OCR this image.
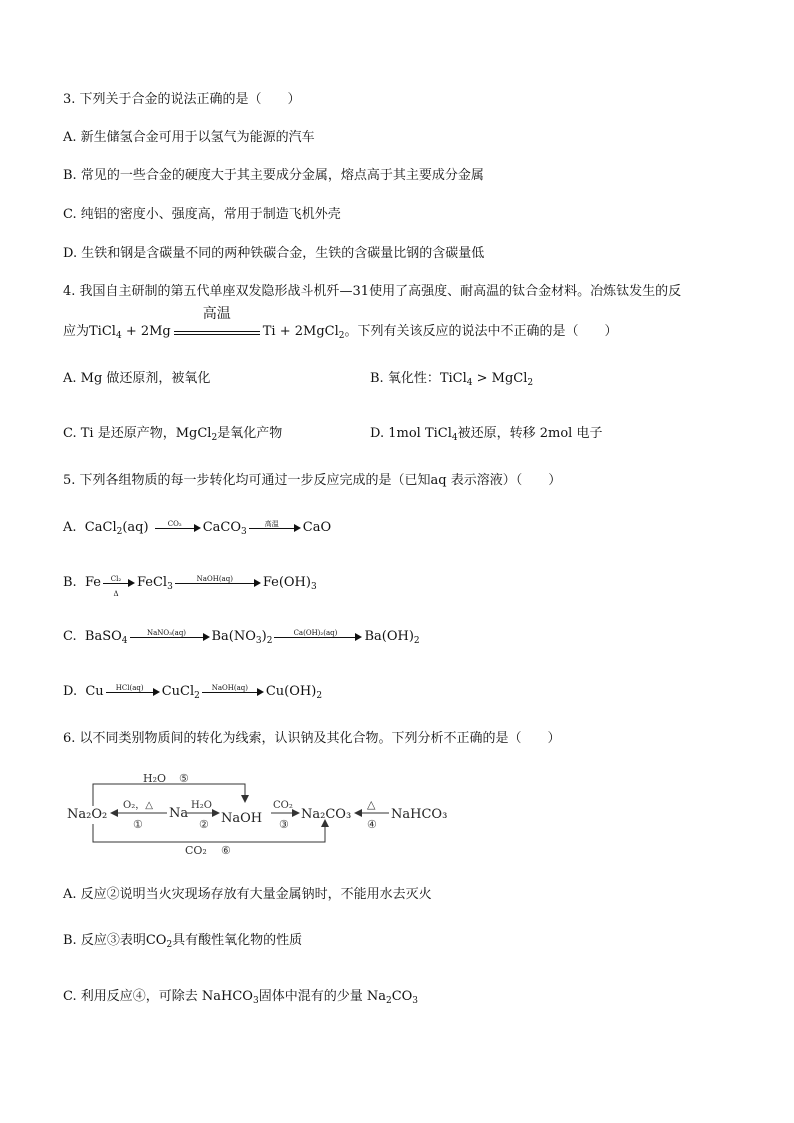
3. 下列关于合金的说法正确的是（　　）
A. 新生储氢合金可用于以氢气为能源的汽车
B. 常见的一些合金的硬度大于其主要成分金属，熔点高于其主要成分金属
C. 纯铝的密度小、强度高，常用于制造飞机外壳
D. 生铁和钢是含碳量不同的两种铁碳合金，生铁的含碳量比钢的含碳量低
4. 我国自主研制的第五代单座双发隐形战斗机歼—31使用了高强度、耐高温的钛合金材料。冶炼钛发生的反
应为TiCl$_4$ + 2Mg
高温
Ti + 2MgCl$_2$。下列有关该反应的说法中不正确的是（　　）
A. Mg 做还原剂，被氧化	B. 氧化性：TiCl$_4$ > MgCl$_2$
C. Ti 是还原产物，MgCl$_2$是氧化产物	D. 1mol TiCl$_4$被还原，转移 2mol 电子
5. 下列各组物质的每一步转化均可通过一步反应完成的是（已知aq 表示溶液）（　　）
A. CaCl$_2$(aq)	CO₂	CaCO$_3$
高温	CaO
B. Fe	Cl₂
Δ
FeCl$_3$
NaOH(aq)	$Fe(OH)_3$
C. BaSO$_4$
NaNO₃(aq)	$Ba(NO_3)_2$
Ca(OH)₂(aq)	$Ba(OH)_2$
D. Cu	HCl(aq)	CuCl$_2$
NaOH(aq)	$Cu(OH)_2$
6. 以不同类别物质间的转化为线索，认识钠及其化合物。下列分析不正确的是（　　）
H₂O ⑤
CO₂ ⑥
Na₂O₂	Na	NaOH	Na₂CO₃	NaHCO₃
O₂，△
①
H₂O
②
CO₂
③
△
④
A. 反应②说明当火灾现场存放有大量金属钠时，不能用水去灭火
B. 反应③表明$CO_2$具有酸性氧化物的性质
C. 利用反应④，可除去 NaHCO$_3$固体中混有的少量 $Na_2CO_3$
